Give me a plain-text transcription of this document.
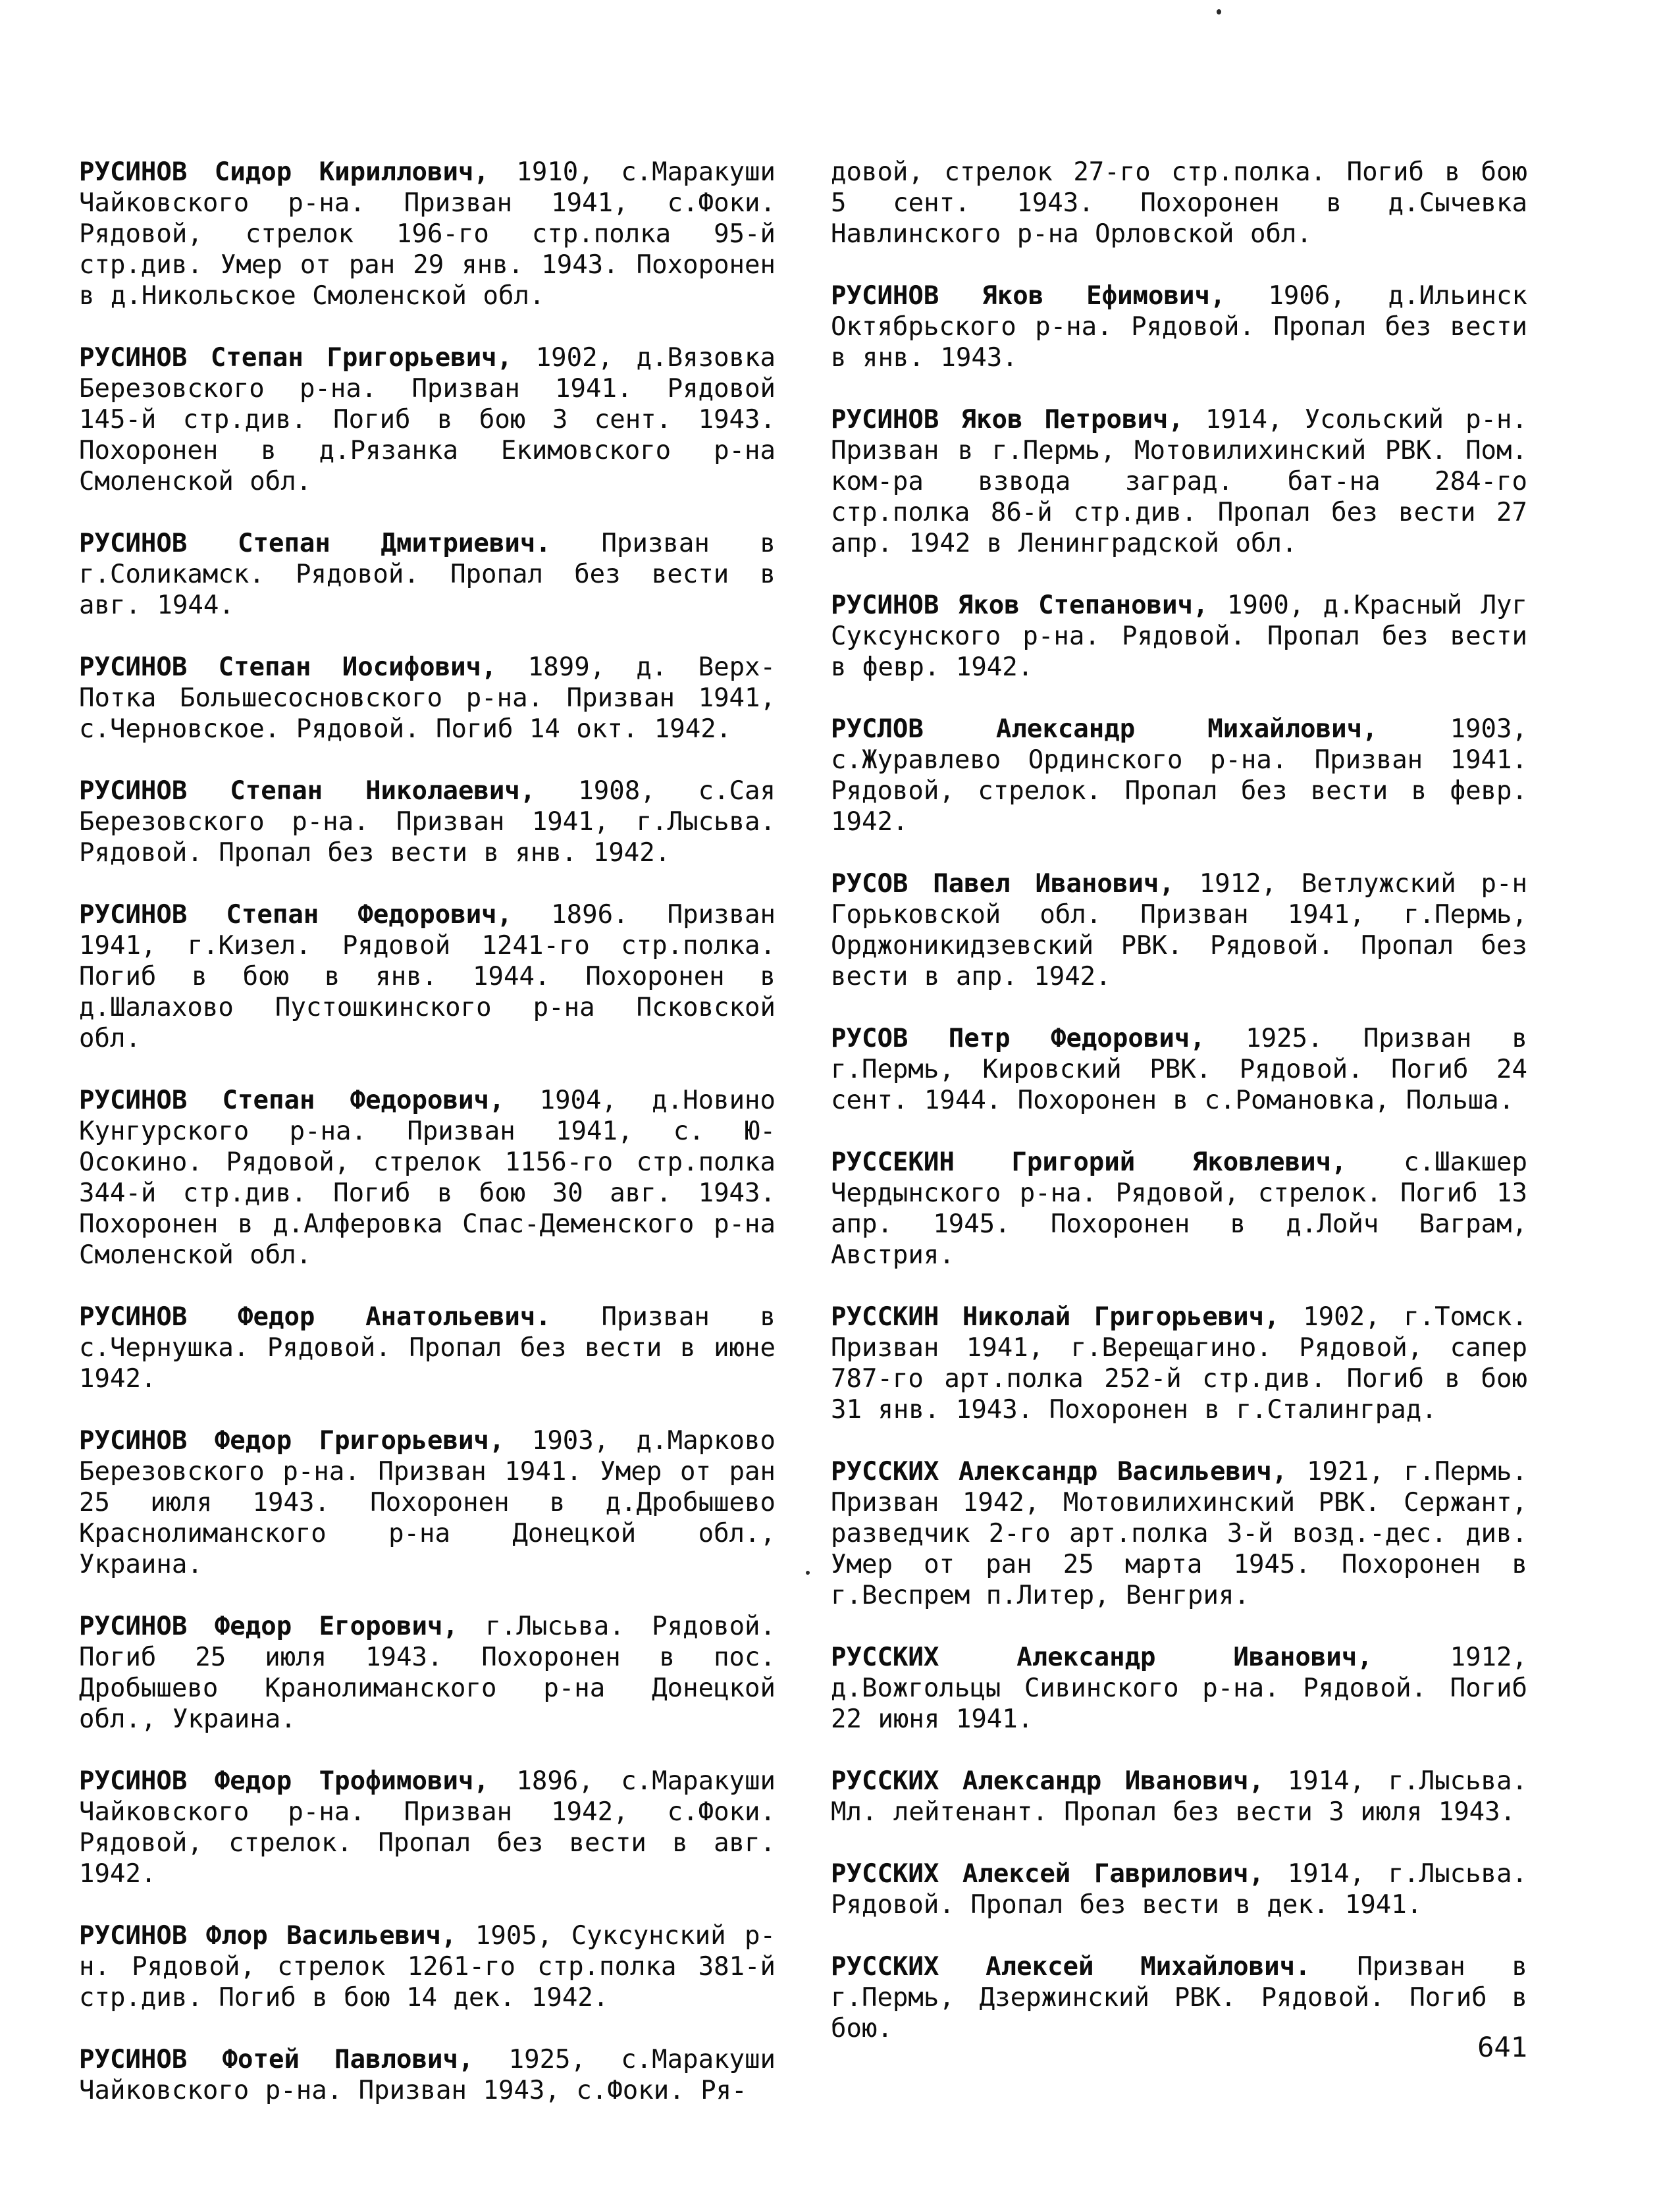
РУСИНОВ Сидор Кириллович, 1910, с.Маракуши Чайковского р-на. Призван 1941, с.Фоки. Рядовой, стрелок 196-го стр.полка 95-й стр.див. Умер от ран 29 янв. 1943. Похоронен в д.Никольское Смоленской обл.

РУСИНОВ Степан Григорьевич, 1902, д.Вязовка Березовского р-на. Призван 1941. Рядовой 145-й стр.див. Погиб в бою 3 сент. 1943. Похоронен в д.Рязанка Екимовского р-на Смоленской обл.

РУСИНОВ Степан Дмитриевич. Призван в г.Соликамск. Рядовой. Пропал без вести в авг. 1944.

РУСИНОВ Степан Иосифович, 1899, д. Верх-Потка Большесосновского р-на. Призван 1941, с.Черновское. Рядовой. Погиб 14 окт. 1942.

РУСИНОВ Степан Николаевич, 1908, с.Сая Березовского р-на. Призван 1941, г.Лысьва. Рядовой. Пропал без вести в янв. 1942.

РУСИНОВ Степан Федорович, 1896. Призван 1941, г.Кизел. Рядовой 1241-го стр.полка. Погиб в бою в янв. 1944. Похоронен в д.Шалахово Пустошкинского р-на Псковской обл.

РУСИНОВ Степан Федорович, 1904, д.Новино Кунгурского р-на. Призван 1941, с. Ю-Осокино. Рядовой, стрелок 1156-го стр.полка 344-й стр.див. Погиб в бою 30 авг. 1943. Похоронен в д.Алферовка Спас-Деменского р-на Смоленской обл.

РУСИНОВ Федор Анатольевич. Призван в с.Чернушка. Рядовой. Пропал без вести в июне 1942.

РУСИНОВ Федор Григорьевич, 1903, д.Марково Березовского р-на. Призван 1941. Умер от ран 25 июля 1943. Похоронен в д.Дробышево Краснолиманского р-на Донецкой обл., Украина.

РУСИНОВ Федор Егорович, г.Лысьва. Рядовой. Погиб 25 июля 1943. Похоронен в пос. Дробышево Кранолиманского р-на Донецкой обл., Украина.

РУСИНОВ Федор Трофимович, 1896, с.Маракуши Чайковского р-на. Призван 1942, с.Фоки. Рядовой, стрелок. Пропал без вести в авг. 1942.

РУСИНОВ Флор Васильевич, 1905, Суксунский р-н. Рядовой, стрелок 1261-го стр.полка 381-й стр.див. Погиб в бою 14 дек. 1942.

РУСИНОВ Фотей Павлович, 1925, с.Маракуши Чайковского р-на. Призван 1943, с.Фоки. Ря-

довой, стрелок 27-го стр.полка. Погиб в бою 5 сент. 1943. Похоронен в д.Сычевка Навлинского р-на Орловской обл.

РУСИНОВ Яков Ефимович, 1906, д.Ильинск Октябрьского р-на. Рядовой. Пропал без вести в янв. 1943.

РУСИНОВ Яков Петрович, 1914, Усольский р-н. Призван в г.Пермь, Мотовилихинский РВК. Пом. ком-ра взвода заград. бат-на 284-го стр.полка 86-й стр.див. Пропал без вести 27 апр. 1942 в Ленинградской обл.

РУСИНОВ Яков Степанович, 1900, д.Красный Луг Суксунского р-на. Рядовой. Пропал без вести в февр. 1942.

РУСЛОВ Александр Михайлович, 1903, с.Журавлево Ординского р-на. Призван 1941. Рядовой, стрелок. Пропал без вести в февр. 1942.

РУСОВ Павел Иванович, 1912, Ветлужский р-н Горьковской обл. Призван 1941, г.Пермь, Орджоникидзевский РВК. Рядовой. Пропал без вести в апр. 1942.

РУСОВ Петр Федорович, 1925. Призван в г.Пермь, Кировский РВК. Рядовой. Погиб 24 сент. 1944. Похоронен в с.Романовка, Польша.

РУССЕКИН Григорий Яковлевич, с.Шакшер Чердынского р-на. Рядовой, стрелок. Погиб 13 апр. 1945. Похоронен в д.Лойч Ваграм, Австрия.

РУССКИН Николай Григорьевич, 1902, г.Томск. Призван 1941, г.Верещагино. Рядовой, сапер 787-го арт.полка 252-й стр.див. Погиб в бою 31 янв. 1943. Похоронен в г.Сталинград.

РУССКИХ Александр Васильевич, 1921, г.Пермь. Призван 1942, Мотовилихинский РВК. Сержант, разведчик 2-го арт.полка 3-й возд.-дес. див. Умер от ран 25 марта 1945. Похоронен в г.Веспрем п.Литер, Венгрия.

РУССКИХ Александр Иванович, 1912, д.Вожгольцы Сивинского р-на. Рядовой. Погиб 22 июня 1941.

РУССКИХ Александр Иванович, 1914, г.Лысьва. Мл. лейтенант. Пропал без вести 3 июля 1943.

РУССКИХ Алексей Гаврилович, 1914, г.Лысьва. Рядовой. Пропал без вести в дек. 1941.

РУССКИХ Алексей Михайлович. Призван в г.Пермь, Дзержинский РВК. Рядовой. Погиб в бою.

641
